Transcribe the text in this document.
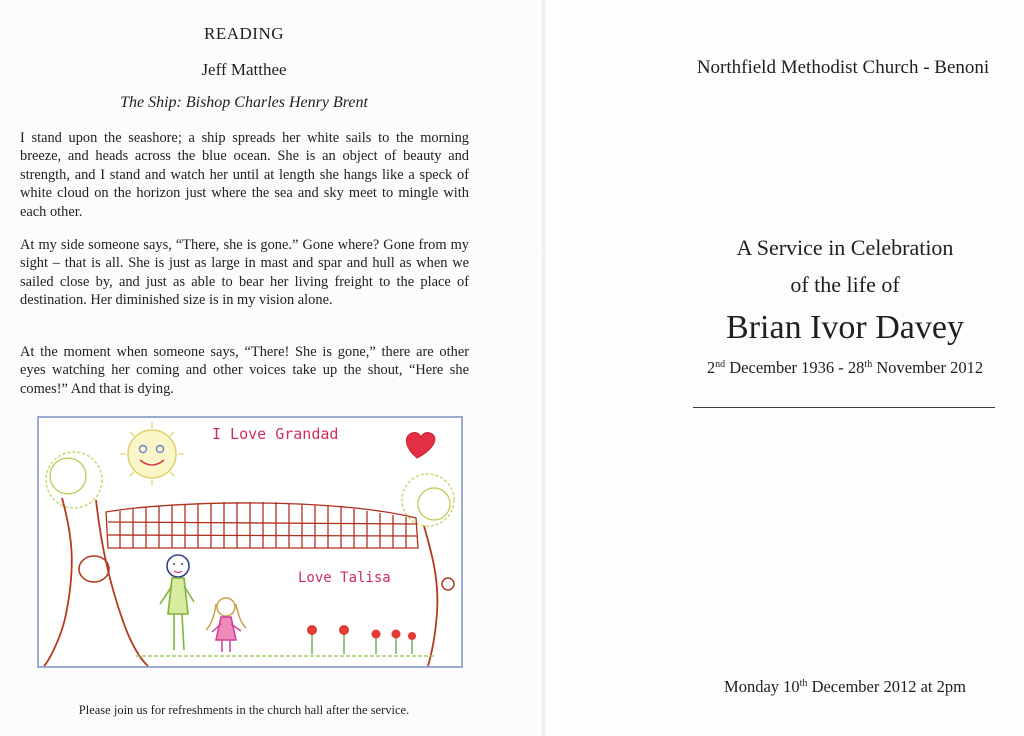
READING
Jeff Matthee
The Ship: Bishop Charles Henry Brent

I stand upon the seashore; a ship spreads her white sails to the morning breeze, and heads across the blue ocean. She is an object of beauty and strength, and I stand and watch her until at length she hangs like a speck of white cloud on the horizon just where the sea and sky meet to mingle with each other.

At my side someone says, “There, she is gone.” Gone where? Gone from my sight – that is all. She is just as large in mast and spar and hull as when we sailed close by, and just as able to bear her living freight to the place of destination. Her diminished size is in my vision alone.

At the moment when someone says, “There! She is gone,” there are other eyes watching her coming and other voices take up the shout, “Here she comes!” And that is dying.

I Love Grandad
Love Talisa
Please join us for refreshments in the church hall after the service.
Northfield Methodist Church - Benoni
A Service in Celebration
of the life of
Brian Ivor Davey
2nd December 1936 - 28th November 2012
Monday 10th December 2012 at 2pm
